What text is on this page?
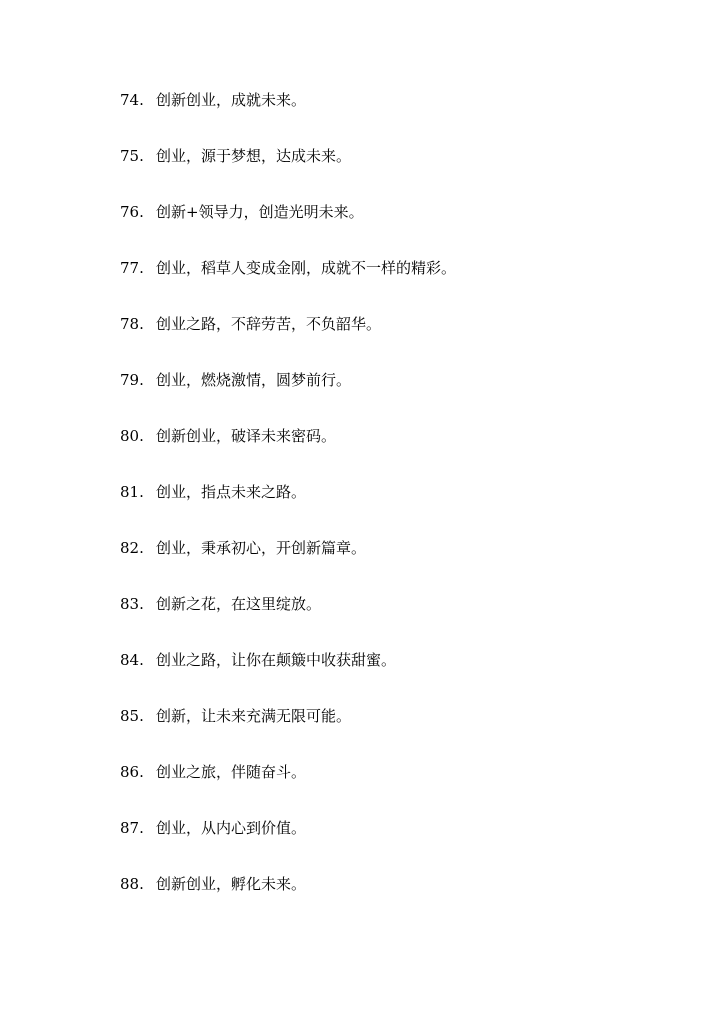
74. 创新创业，成就未来。
75. 创业，源于梦想，达成未来。
76. 创新+领导力，创造光明未来。
77. 创业，稻草人变成金刚，成就不一样的精彩。
78. 创业之路，不辞劳苦，不负韶华。
79. 创业，燃烧激情，圆梦前行。
80. 创新创业，破译未来密码。
81. 创业，指点未来之路。
82. 创业，秉承初心，开创新篇章。
83. 创新之花，在这里绽放。
84. 创业之路，让你在颠簸中收获甜蜜。
85. 创新，让未来充满无限可能。
86. 创业之旅，伴随奋斗。
87. 创业，从内心到价值。
88. 创新创业，孵化未来。
